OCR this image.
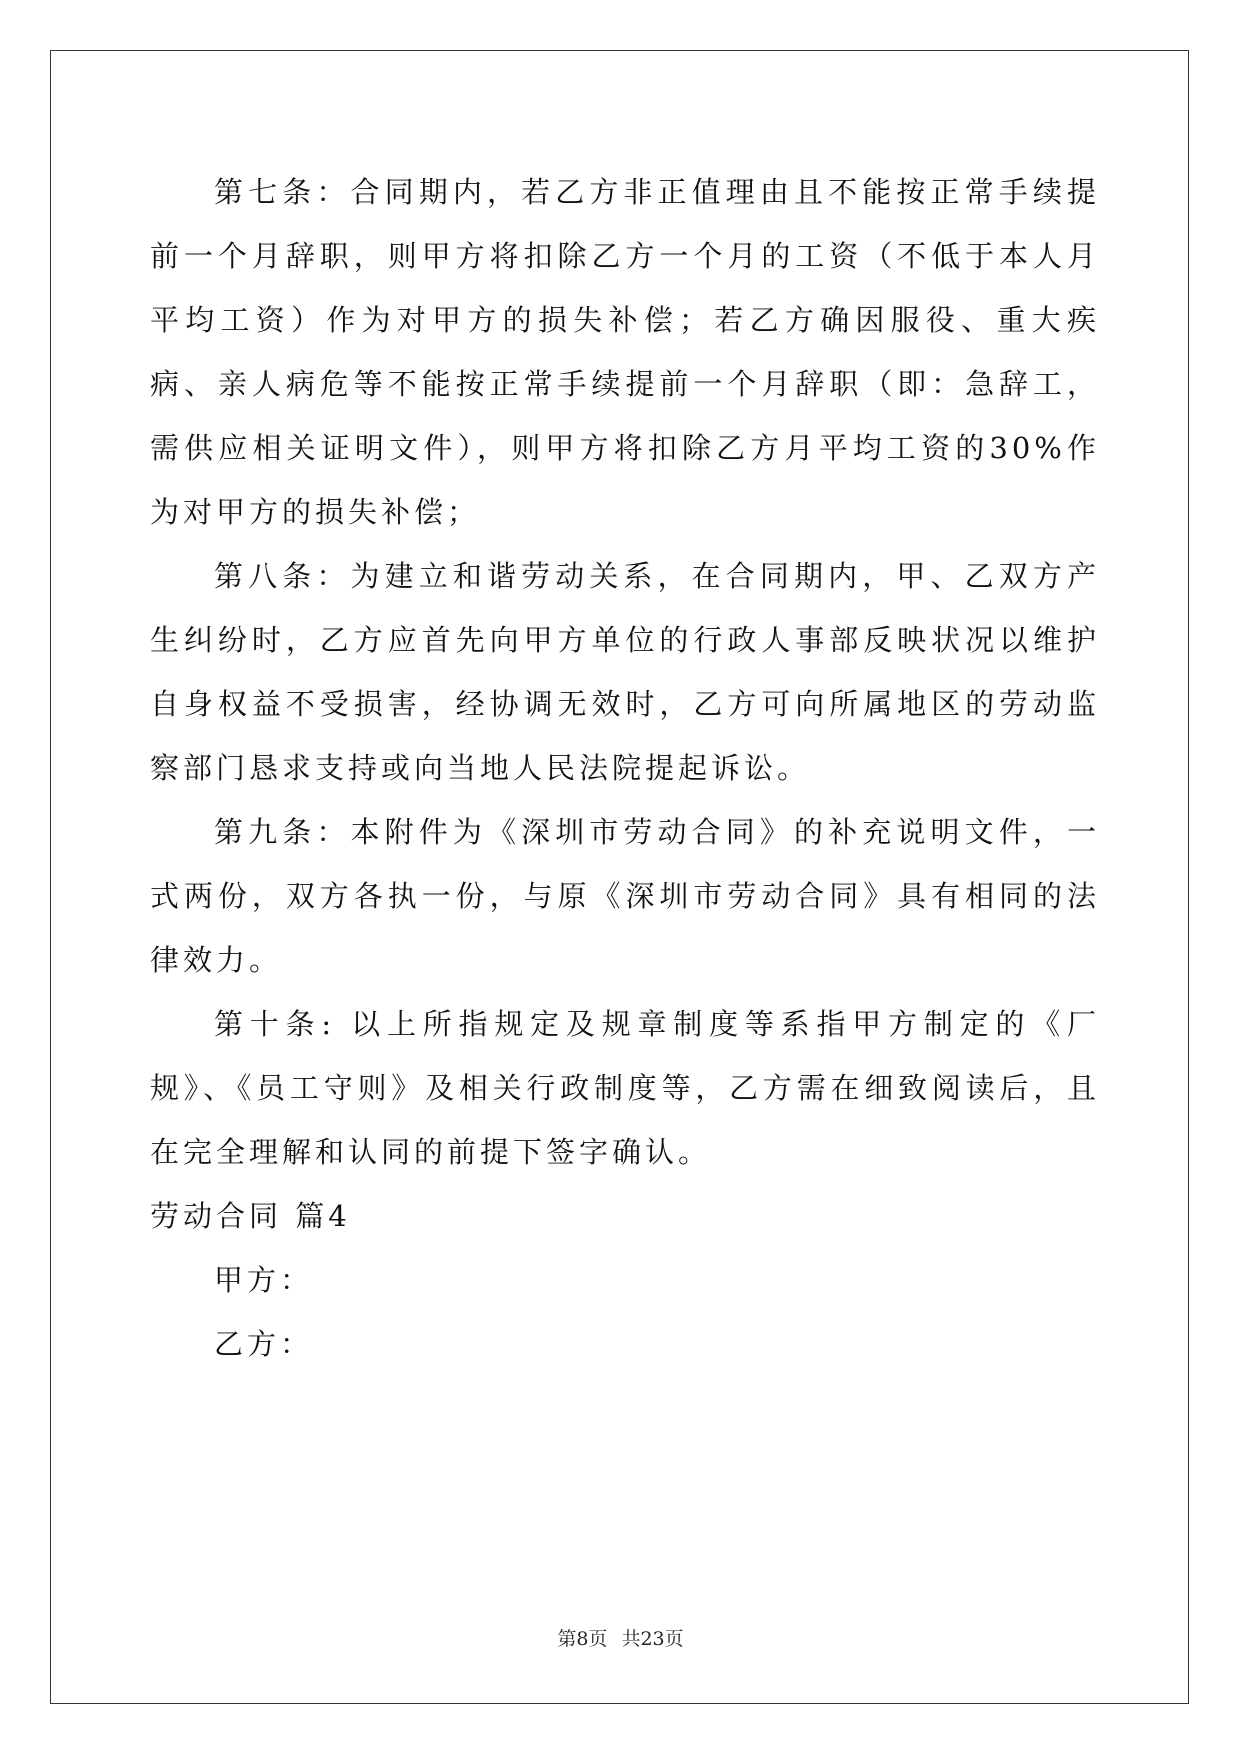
第七条：合同期内，若乙方非正值理由且不能按正常手续提前一个月辞职，则甲方将扣除乙方一个月的工资（不低于本人月平均工资）作为对甲方的损失补偿；若乙方确因服役、重大疾病、亲人病危等不能按正常手续提前一个月辞职（即：急辞工，需供应相关证明文件），则甲方将扣除乙方月平均工资的30%作为对甲方的损失补偿；

第八条：为建立和谐劳动关系，在合同期内，甲、乙双方产生纠纷时，乙方应首先向甲方单位的行政人事部反映状况以维护自身权益不受损害，经协调无效时，乙方可向所属地区的劳动监察部门恳求支持或向当地人民法院提起诉讼。

第九条：本附件为《深圳市劳动合同》的补充说明文件，一式两份，双方各执一份，与原《深圳市劳动合同》具有相同的法律效力。

第十条: 以上所指规定及规章制度等系指甲方制定的《厂规》、《员工守则》及相关行政制度等，乙方需在细致阅读后，且在完全理解和认同的前提下签字确认。

劳动合同 篇4

甲方：

乙方：

第8页 共23页
